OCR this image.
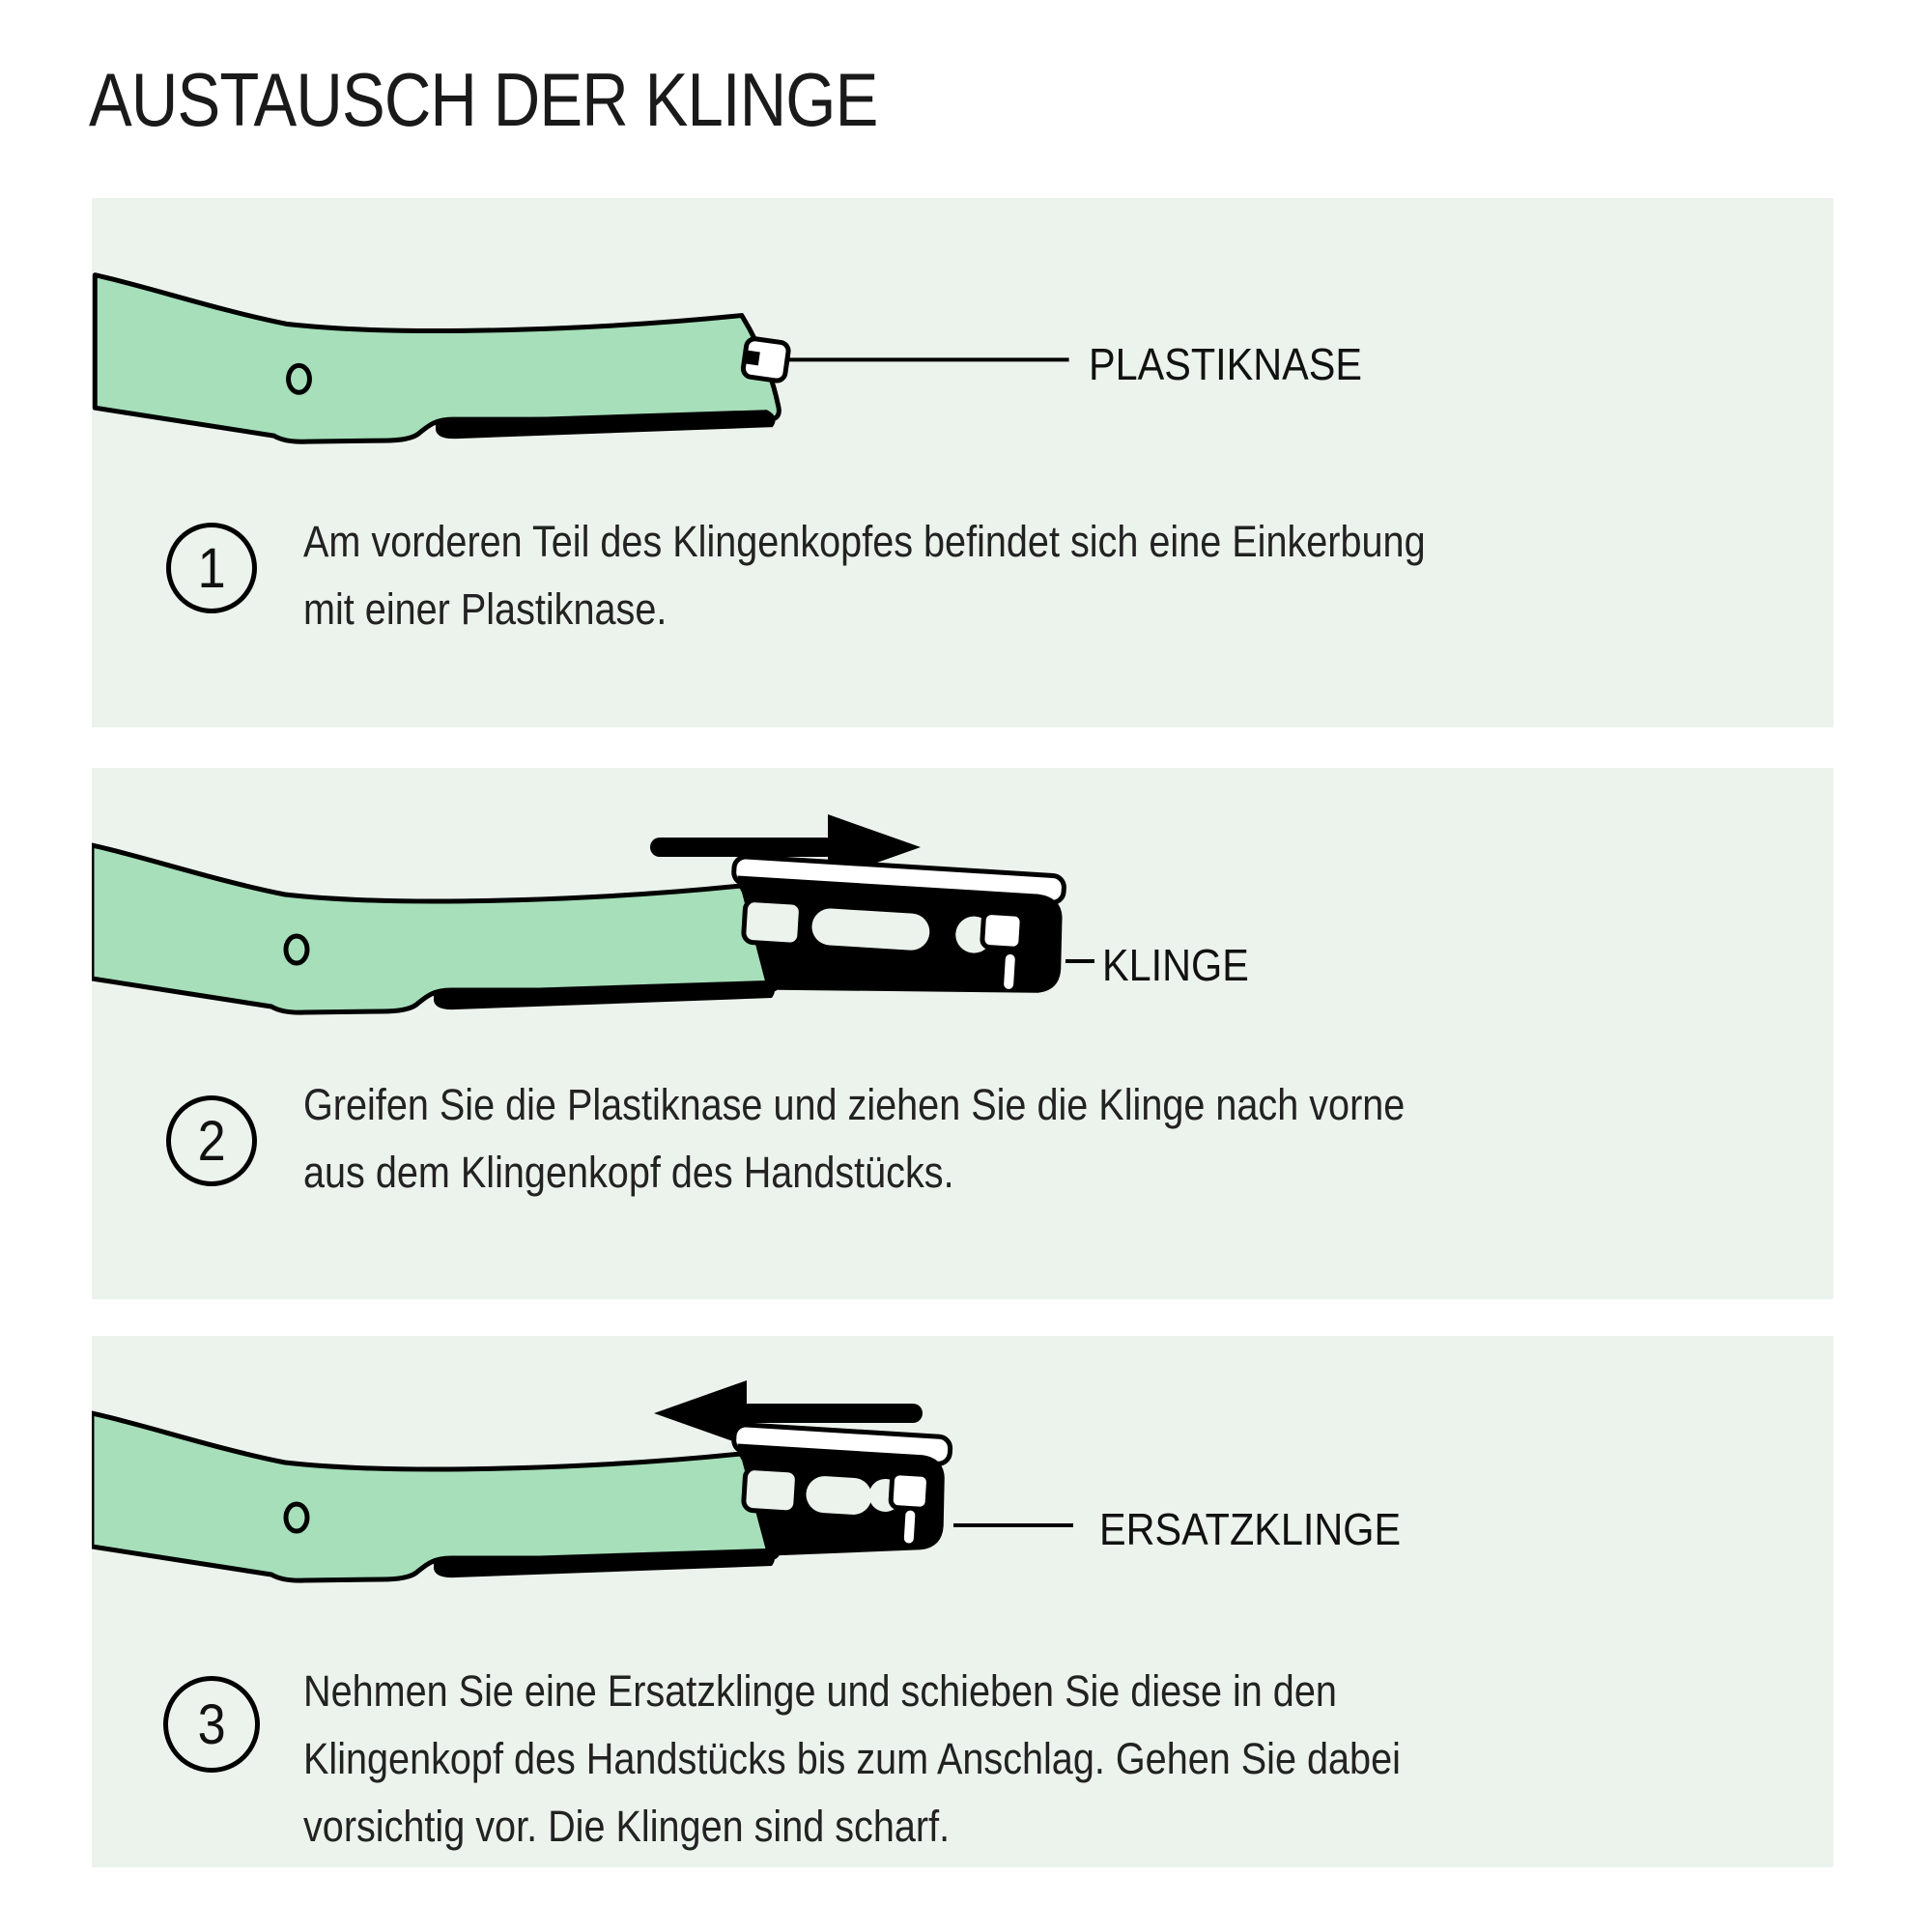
AUSTAUSCH DER KLINGE
PLASTIKNASE
1 Am vorderen Teil des Klingenkopfes befindet sich eine Einkerbung
mit einer Plastiknase.
KLINGE
2
Greifen Sie die Plastiknase und ziehen Sie die Klinge nach vorne
aus dem Klingenkopf des Handstücks.
ERSATZKLINGE
3
Nehmen Sie eine Ersatzklinge und schieben Sie diese in den
Klingenkopf des Handstücks bis zum Anschlag. Gehen Sie dabei
vorsichtig vor. Die Klingen sind scharf.
